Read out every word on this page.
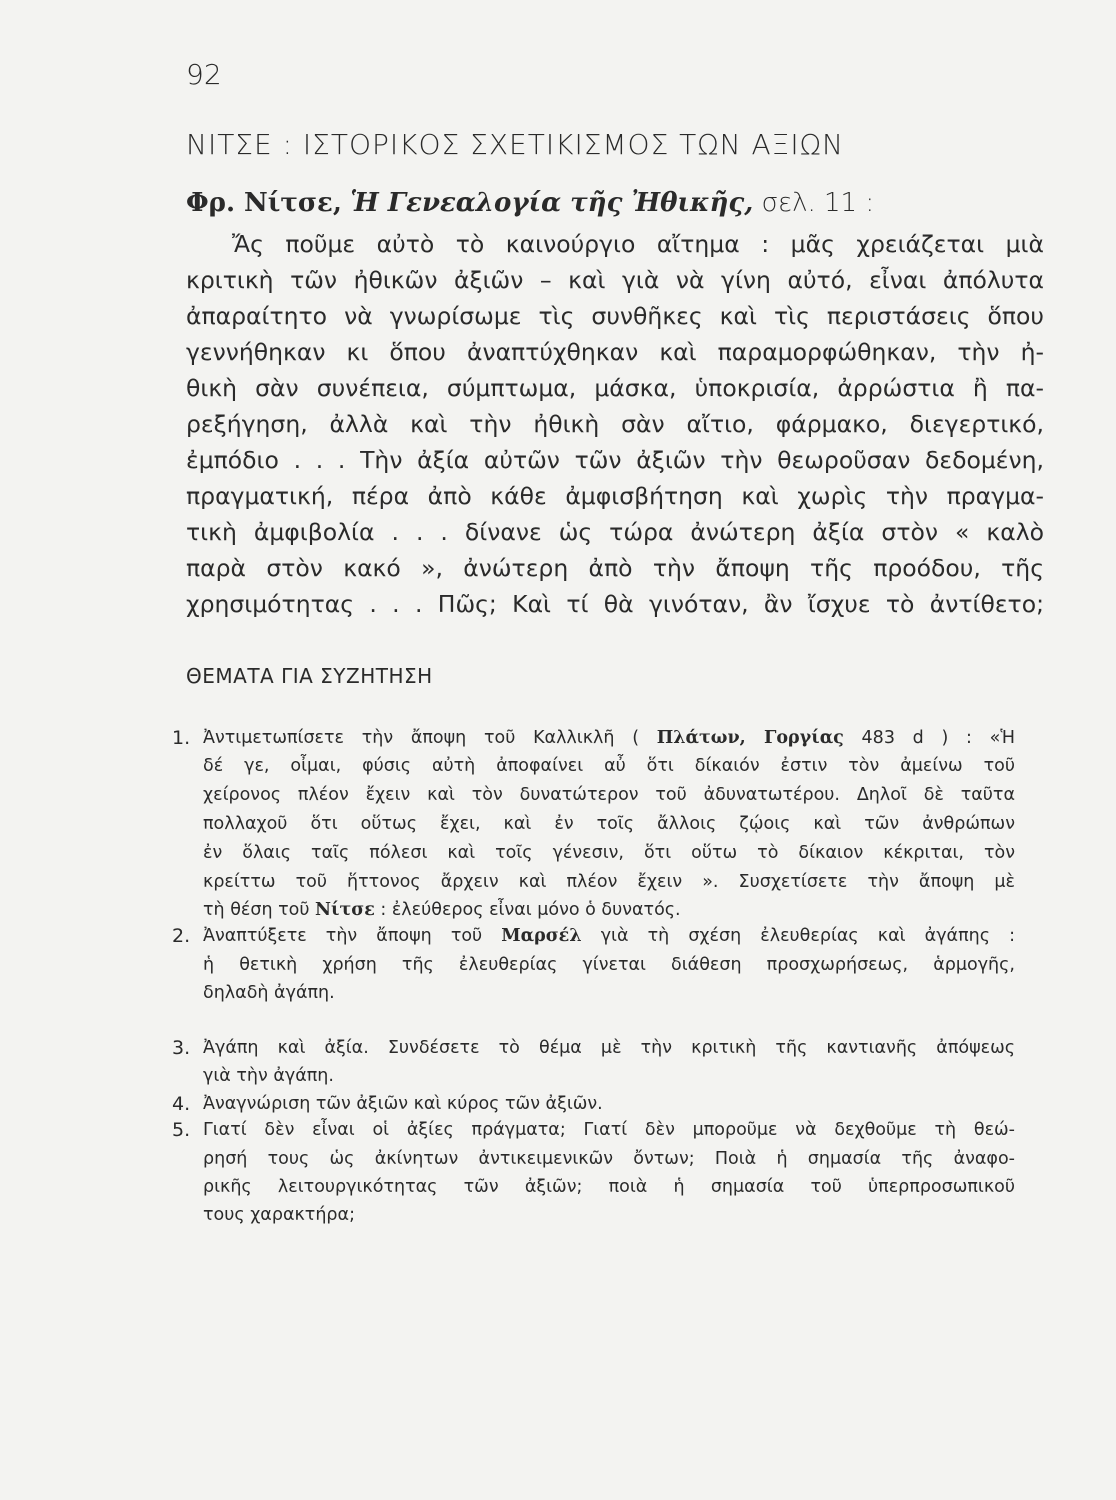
92
ΝΙΤΣΕ : ΙΣΤΟΡΙΚΟΣ ΣΧΕΤΙΚΙΣΜΟΣ ΤΩΝ ΑΞΙΩΝ
Φρ. Νίτσε, Ἡ Γενεαλογία τῆς Ἠθικῆς, σελ. 11 :
Ἄς ποῦμε αὐτὸ τὸ καινούργιο αἴτημα : μᾶς χρειάζεται μιὰ
κριτικὴ τῶν ἠθικῶν ἀξιῶν – καὶ γιὰ νὰ γίνη αὐτό, εἶναι ἀπόλυτα
ἀπαραίτητο νὰ γνωρίσωμε τὶς συνθῆκες καὶ τὶς περιστάσεις ὅπου
γεννήθηκαν κι ὅπου ἀναπτύχθηκαν καὶ παραμορφώθηκαν, τὴν ἠ-
θικὴ σὰν συνέπεια, σύμπτωμα, μάσκα, ὑποκρισία, ἀρρώστια ἢ πα-
ρεξήγηση, ἀλλὰ καὶ τὴν ἠθικὴ σὰν αἴτιο, φάρμακο, διεγερτικό,
ἐμπόδιο . . . Τὴν ἀξία αὐτῶν τῶν ἀξιῶν τὴν θεωροῦσαν δεδομένη,
πραγματική, πέρα ἀπὸ κάθε ἀμφισβήτηση καὶ χωρὶς τὴν πραγμα-
τικὴ ἀμφιβολία . . . δίνανε ὡς τώρα ἀνώτερη ἀξία στὸν « καλὸ
παρὰ στὸν κακό », ἀνώτερη ἀπὸ τὴν ἄποψη τῆς προόδου, τῆς
χρησιμότητας . . . Πῶς; Καὶ τί θὰ γινόταν, ἂν ἴσχυε τὸ ἀντίθετο;
ΘΕΜΑΤΑ ΓΙΑ ΣΥΖΗΤΗΣΗ
1. Ἀντιμετωπίσετε τὴν ἄποψη τοῦ Καλλικλῆ ( Πλάτων, Γοργίας 483 d ) : «Ἡ
δέ γε, οἶμαι, φύσις αὐτὴ ἀποφαίνει αὖ ὅτι δίκαιόν ἐστιν τὸν ἀμείνω τοῦ
χείρονος πλέον ἔχειν καὶ τὸν δυνατώτερον τοῦ ἀδυνατωτέρου. Δηλοῖ δὲ ταῦτα
πολλαχοῦ ὅτι οὕτως ἔχει, καὶ ἐν τοῖς ἄλλοις ζῴοις καὶ τῶν ἀνθρώπων
ἐν ὅλαις ταῖς πόλεσι καὶ τοῖς γένεσιν, ὅτι οὕτω τὸ δίκαιον κέκριται, τὸν
κρείττω τοῦ ἥττονος ἄρχειν καὶ πλέον ἔχειν ». Συσχετίσετε τὴν ἄποψη μὲ
τὴ θέση τοῦ Νίτσε : ἐλεύθερος εἶναι μόνο ὁ δυνατός.
2. Ἀναπτύξετε τὴν ἄποψη τοῦ Μαρσέλ γιὰ τὴ σχέση ἐλευθερίας καὶ ἀγάπης :
ἡ θετικὴ χρήση τῆς ἐλευθερίας γίνεται διάθεση προσχωρήσεως, ἁρμογῆς,
δηλαδὴ ἀγάπη.
3. Ἀγάπη καὶ ἀξία. Συνδέσετε τὸ θέμα μὲ τὴν κριτικὴ τῆς καντιανῆς ἀπόψεως
γιὰ τὴν ἀγάπη.
4. Ἀναγνώριση τῶν ἀξιῶν καὶ κύρος τῶν ἀξιῶν.
5. Γιατί δὲν εἶναι οἱ ἀξίες πράγματα; Γιατί δὲν μποροῦμε νὰ δεχθοῦμε τὴ θεώ-
ρησή τους ὡς ἀκίνητων ἀντικειμενικῶν ὄντων; Ποιὰ ἡ σημασία τῆς ἀναφο-
ρικῆς λειτουργικότητας τῶν ἀξιῶν; ποιὰ ἡ σημασία τοῦ ὑπερπροσωπικοῦ
τους χαρακτήρα;
